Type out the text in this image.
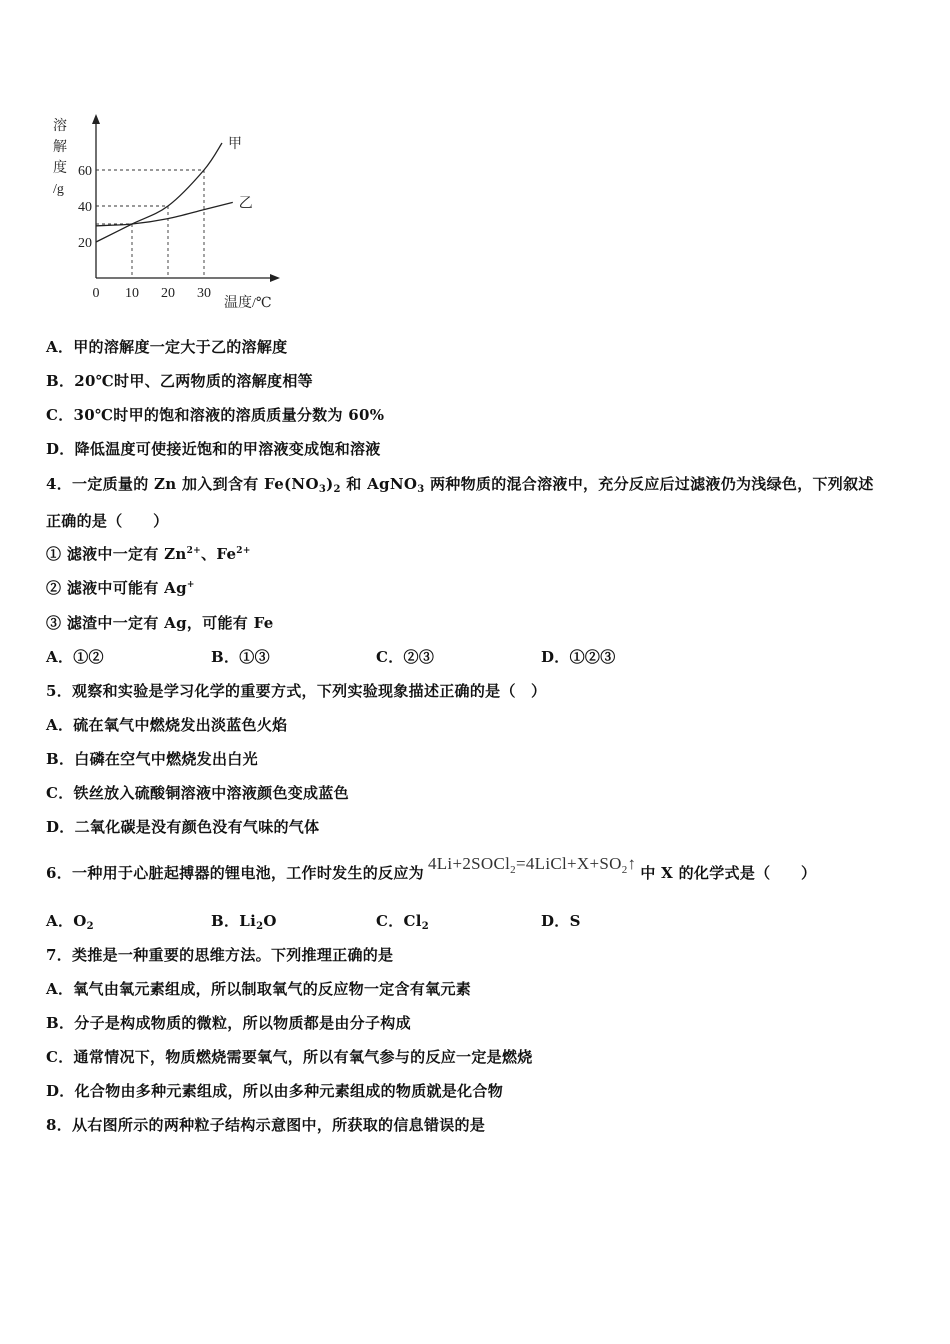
甲
乙
0 10 20 30
20
40
60
溶
解
度
/g
温度/℃
A．甲的溶解度一定大于乙的溶解度
B．20℃时甲、乙两物质的溶解度相等
C．30℃时甲的饱和溶液的溶质质量分数为 60%
D．降低温度可使接近饱和的甲溶液变成饱和溶液
4．一定质量的 Zn 加入到含有 $Fe(NO_3)_2$ 和 AgNO$_3$ 两种物质的混合溶液中，充分反应后过滤液仍为浅绿色，下列叙述
正确的是（　　）
① 滤液中一定有 $Zn^{2+}$、$Fe^{2+}$
② 滤液中可能有 Ag+
③ 滤渣中一定有 Ag，可能有 Fe
A．①②	B．①③	C．②③	D．①②③
5．观察和实验是学习化学的重要方式，下列实验现象描述正确的是（　）
A．硫在氧气中燃烧发出淡蓝色火焰
B．白磷在空气中燃烧发出白光
C．铁丝放入硫酸铜溶液中溶液颜色变成蓝色
D．二氧化碳是没有颜色没有气味的气体
6．一种用于心脏起搏器的锂电池，工作时发生的反应为 $4Li+2SOCl_2=4LiCl+X+SO_2↑$ 中 X 的化学式是（　　）
A．$O_2$	B．$Li_2O$	C．$Cl_2$	D．S
7．类推是一种重要的思维方法。下列推理正确的是
A．氧气由氧元素组成，所以制取氧气的反应物一定含有氧元素
B．分子是构成物质的微粒，所以物质都是由分子构成
C．通常情况下，物质燃烧需要氧气，所以有氧气参与的反应一定是燃烧
D．化合物由多种元素组成，所以由多种元素组成的物质就是化合物
8．从右图所示的两种粒子结构示意图中，所获取的信息错误的是
